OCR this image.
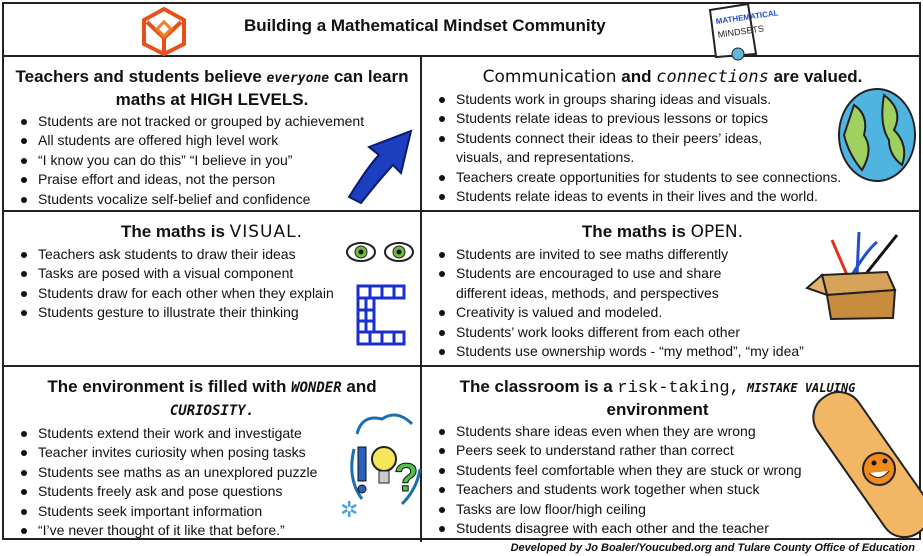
Building a Mathematical Mindset Community	MATHEMATICAL
MINDSETS
Teachers and students believe everyone can learn maths at HIGH LEVELS.
Students are not tracked or grouped by achievement
All students are offered high level work
“I know you can do this” “I believe in you”
Praise effort and ideas, not the person
Students vocalize self-belief and confidence
Communication and connections are valued.
Students work in groups sharing ideas and visuals.
Students relate ideas to previous lessons or topics
Students connect their ideas to their peers’ ideas,
visuals, and representations.
Teachers create opportunities for students to see connections.
Students relate ideas to events in their lives and the world.
The maths is VISUAL.
Teachers ask students to draw their ideas
Tasks are posed with a visual component
Students draw for each other when they explain
Students gesture to illustrate their thinking
The maths is OPEN.
Students are invited to see maths differently
Students are encouraged to use and share
different ideas, methods, and perspectives
Creativity is valued and modeled.
Students’ work looks different from each other
Students use ownership words - “my method”, “my idea”
The environment is filled with WONDER and
CURIOSITY.
Students extend their work and investigate
Teacher invites curiosity when posing tasks
Students see maths as an unexplored puzzle
Students freely ask and pose questions
Students seek important information
“I’ve never thought of it like that before.”
?
✲
The classroom is a risk-taking, MISTAKE VALUING
environment
Students share ideas even when they are wrong
Peers seek to understand rather than correct
Students feel comfortable when they are stuck or wrong
Teachers and students work together when stuck
Tasks are low floor/high ceiling
Students disagree with each other and the teacher
Developed by Jo Boaler/Youcubed.org and Tulare County Office of Education
